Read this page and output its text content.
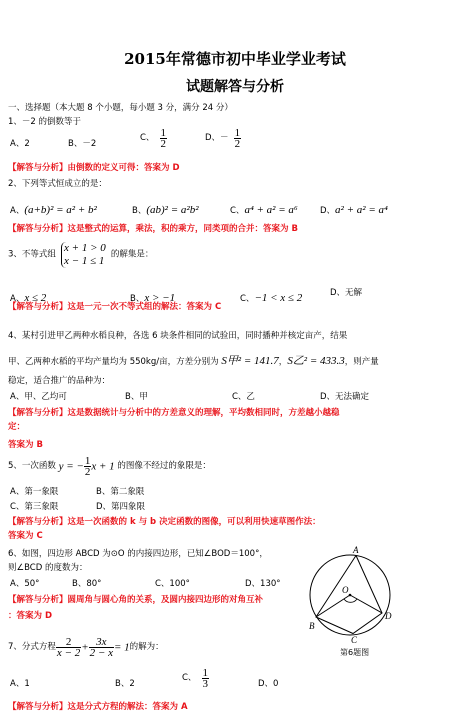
2015年常德市初中毕业学业考试
试题解答与分析
一、选择题（本大题 8 个小题，每小题 3 分，满分 24 分）
1、－2 的倒数等于
A、2	B、－2
C、 $\frac{1}{2}$	D、－ $\frac{1}{2}$
【解答与分析】由倒数的定义可得：答案为 D
2、下列等式恒成立的是：
A、(a+b)² = a² + b²	B、(ab)² = a²b²	C、a⁴ + a² = a⁶	D、a² + a² = a⁴
【解答与分析】这是整式的运算，乘法，积的乘方，同类项的合并：答案为 B
3、不等式组
x + 1 > 0
x − 1 ≤ 1
的解集是：
A、x ≤ 2	B、x > −1	C、−1 < x ≤ 2	D、无解
【解答与分析】这是一元一次不等式组的解法：答案为 C
4、某村引进甲乙两种水稻良种，各选 6 块条件相同的试验田，同时播种并核定亩产，结果
甲、乙两种水稻的平均产量均为 550kg/亩，方差分别为 S甲² = 141.7，S乙² = 433.3，则产量
稳定，适合推广的品种为：
A、甲、乙均可	B、甲	C、乙	D、无法确定
【解答与分析】这是数据统计与分析中的方差意义的理解，平均数相同时，方差越小越稳
定：
答案为 B
5、一次函数 y = − $\frac{1}{2}$ x + 1 的图像不经过的象限是：
A、第一象限	B、第二象限
C、第三象限	D、第四象限
【解答与分析】这是一次函数的 k 与 b 决定函数的图像，可以利用快速草图作法：
答案为 C
6、如图，四边形 ABCD 为⊙O 的内接四边形，已知∠BOD＝100°，
则∠BCD 的度数为：
A、50°	B、80°	C、100°	D、130°
【解答与分析】圆周角与圆心角的关系，及圆内接四边形的对角互补
：答案为 D
A
O
B
C
D
第6题图
7、分式方程 $\frac{2}{x - 2} + \frac{3x}{2 - x} = 1$的解为：
A、1	B、2
C、 $\frac{1}{3}$	D、0
【解答与分析】这是分式方程的解法：答案为 A
